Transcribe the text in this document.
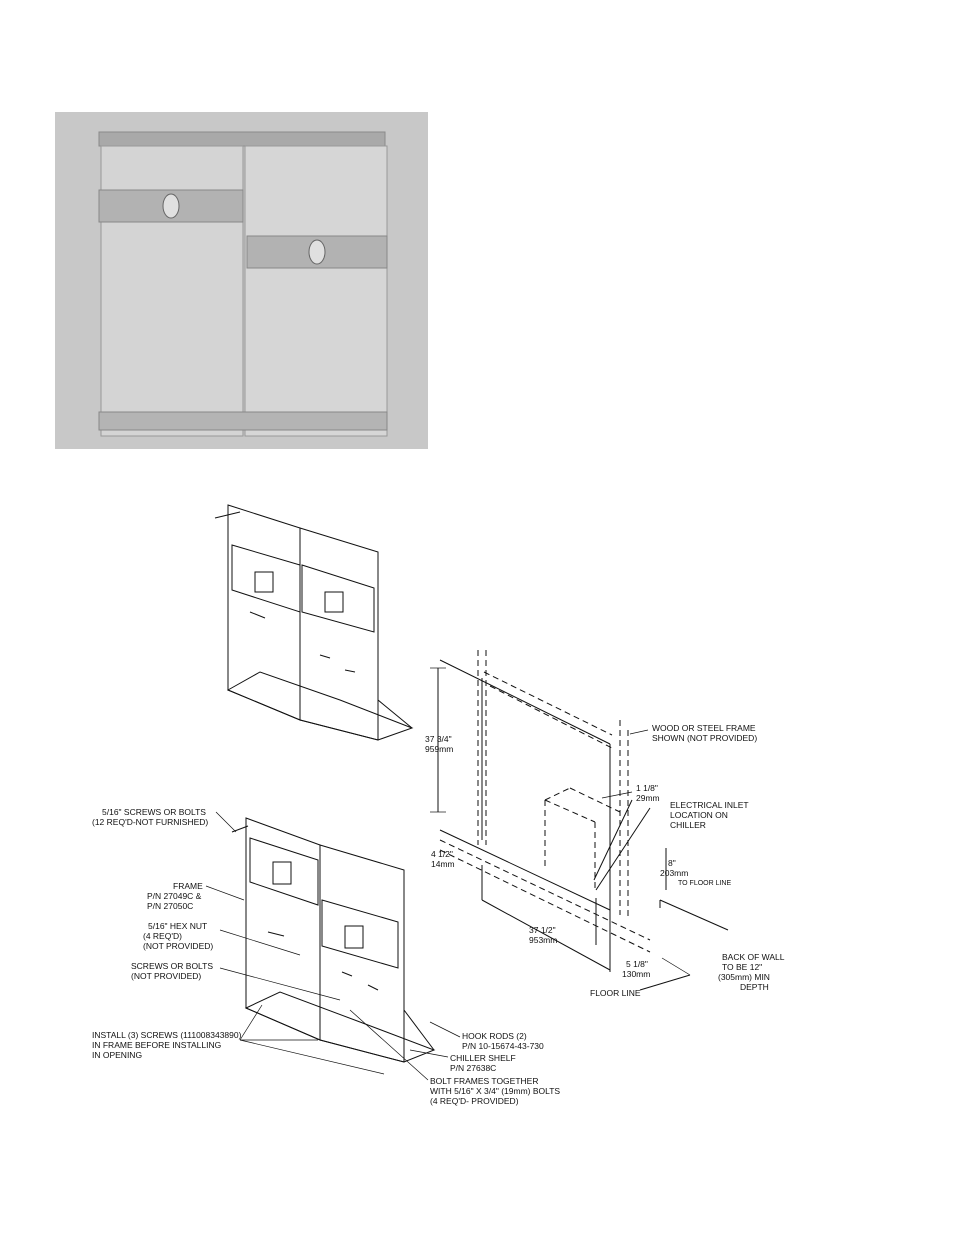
5/16" SCREWS OR BOLTS
(12 REQ'D-NOT FURNISHED)
FRAME
P/N 27049C &
P/N 27050C
5/16" HEX NUT
(4 REQ'D)
(NOT PROVIDED)
SCREWS OR BOLTS
(NOT PROVIDED)
INSTALL (3) SCREWS (111008343890)
IN FRAME BEFORE INSTALLING
IN OPENING
HOOK RODS (2)
P/N 10-15674-43-730
CHILLER SHELF
P/N 27638C
BOLT FRAMES TOGETHER
WITH 5/16" X 3/4" (19mm) BOLTS
(4 REQ'D- PROVIDED)
WOOD OR STEEL FRAME
SHOWN (NOT PROVIDED)
37 3/4"
959mm
1 1/8"
29mm
ELECTRICAL INLET
LOCATION ON
CHILLER
4 1/2"
14mm	8"
203mm
TO FLOOR LINE
37 1/2"
953mm
5 1/8"
130mm
FLOOR LINE
BACK OF WALL
TO BE 12"
(305mm) MIN
DEPTH
